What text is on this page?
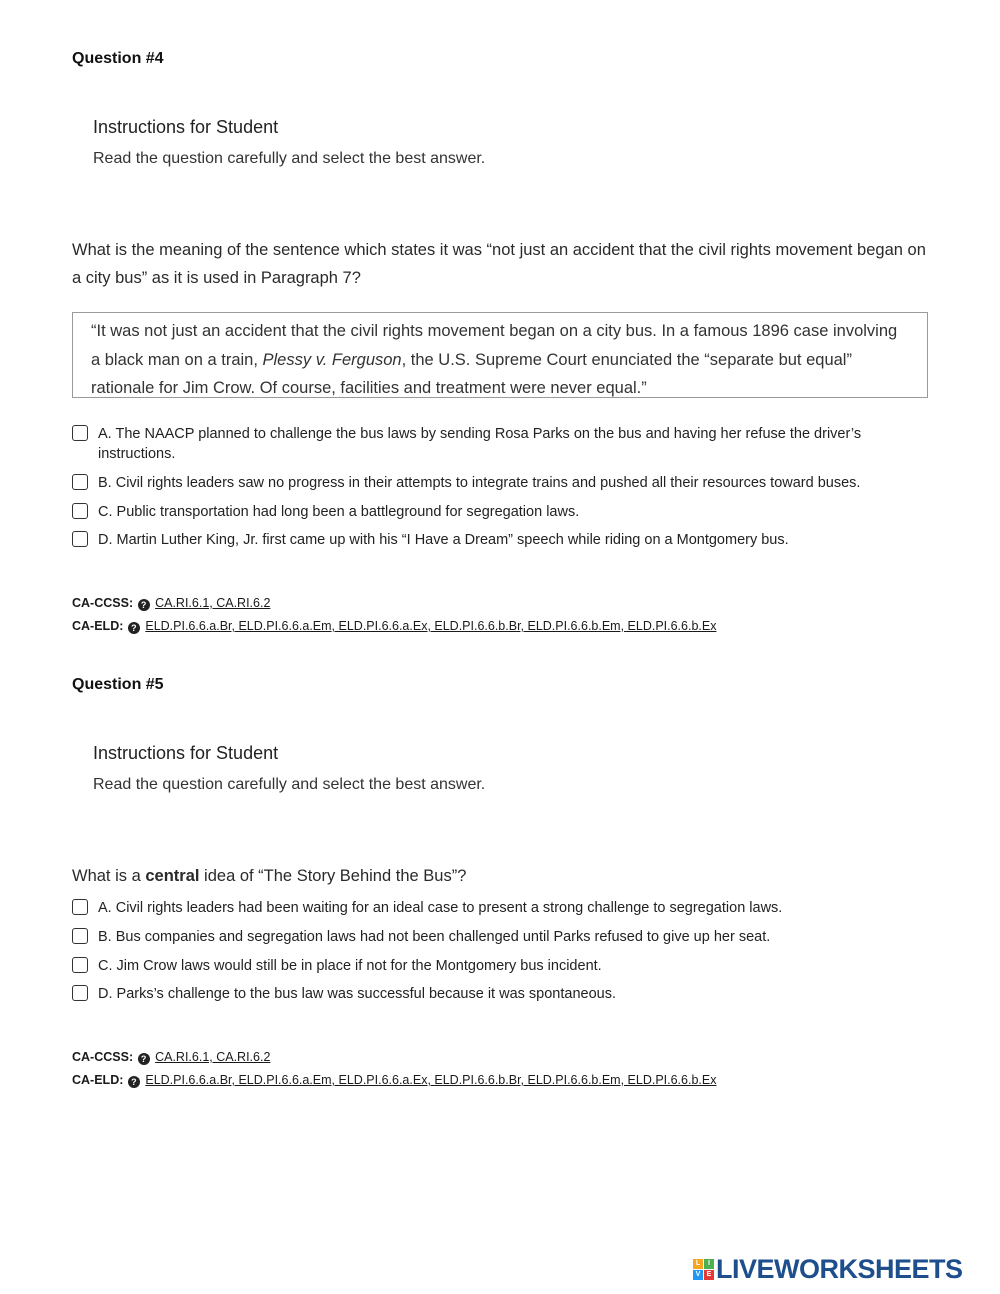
Question #4
Instructions for Student
Read the question carefully and select the best answer.
What is the meaning of the sentence which states it was “not just an accident that the civil rights movement began on a city bus” as it is used in Paragraph 7?
“It was not just an accident that the civil rights movement began on a city bus. In a famous 1896 case involving a black man on a train, Plessy v. Ferguson, the U.S. Supreme Court enunciated the “separate but equal” rationale for Jim Crow. Of course, facilities and treatment were never equal.”
A. The NAACP planned to challenge the bus laws by sending Rosa Parks on the bus and having her refuse the driver’s instructions.
B. Civil rights leaders saw no progress in their attempts to integrate trains and pushed all their resources toward buses.
C. Public transportation had long been a battleground for segregation laws.
D. Martin Luther King, Jr. first came up with his “I Have a Dream” speech while riding on a Montgomery bus.
CA-CCSS: ? CA.RI.6.1, CA.RI.6.2
CA-ELD: ? ELD.PI.6.6.a.Br, ELD.PI.6.6.a.Em, ELD.PI.6.6.a.Ex, ELD.PI.6.6.b.Br, ELD.PI.6.6.b.Em, ELD.PI.6.6.b.Ex
Question #5
Instructions for Student
Read the question carefully and select the best answer.
What is a central idea of “The Story Behind the Bus”?
A. Civil rights leaders had been waiting for an ideal case to present a strong challenge to segregation laws.
B. Bus companies and segregation laws had not been challenged until Parks refused to give up her seat.
C. Jim Crow laws would still be in place if not for the Montgomery bus incident.
D. Parks’s challenge to the bus law was successful because it was spontaneous.
CA-CCSS: ? CA.RI.6.1, CA.RI.6.2
CA-ELD: ? ELD.PI.6.6.a.Br, ELD.PI.6.6.a.Em, ELD.PI.6.6.a.Ex, ELD.PI.6.6.b.Br, ELD.PI.6.6.b.Em, ELD.PI.6.6.b.Ex
L	I
V E LIVEWORKSHEETS
